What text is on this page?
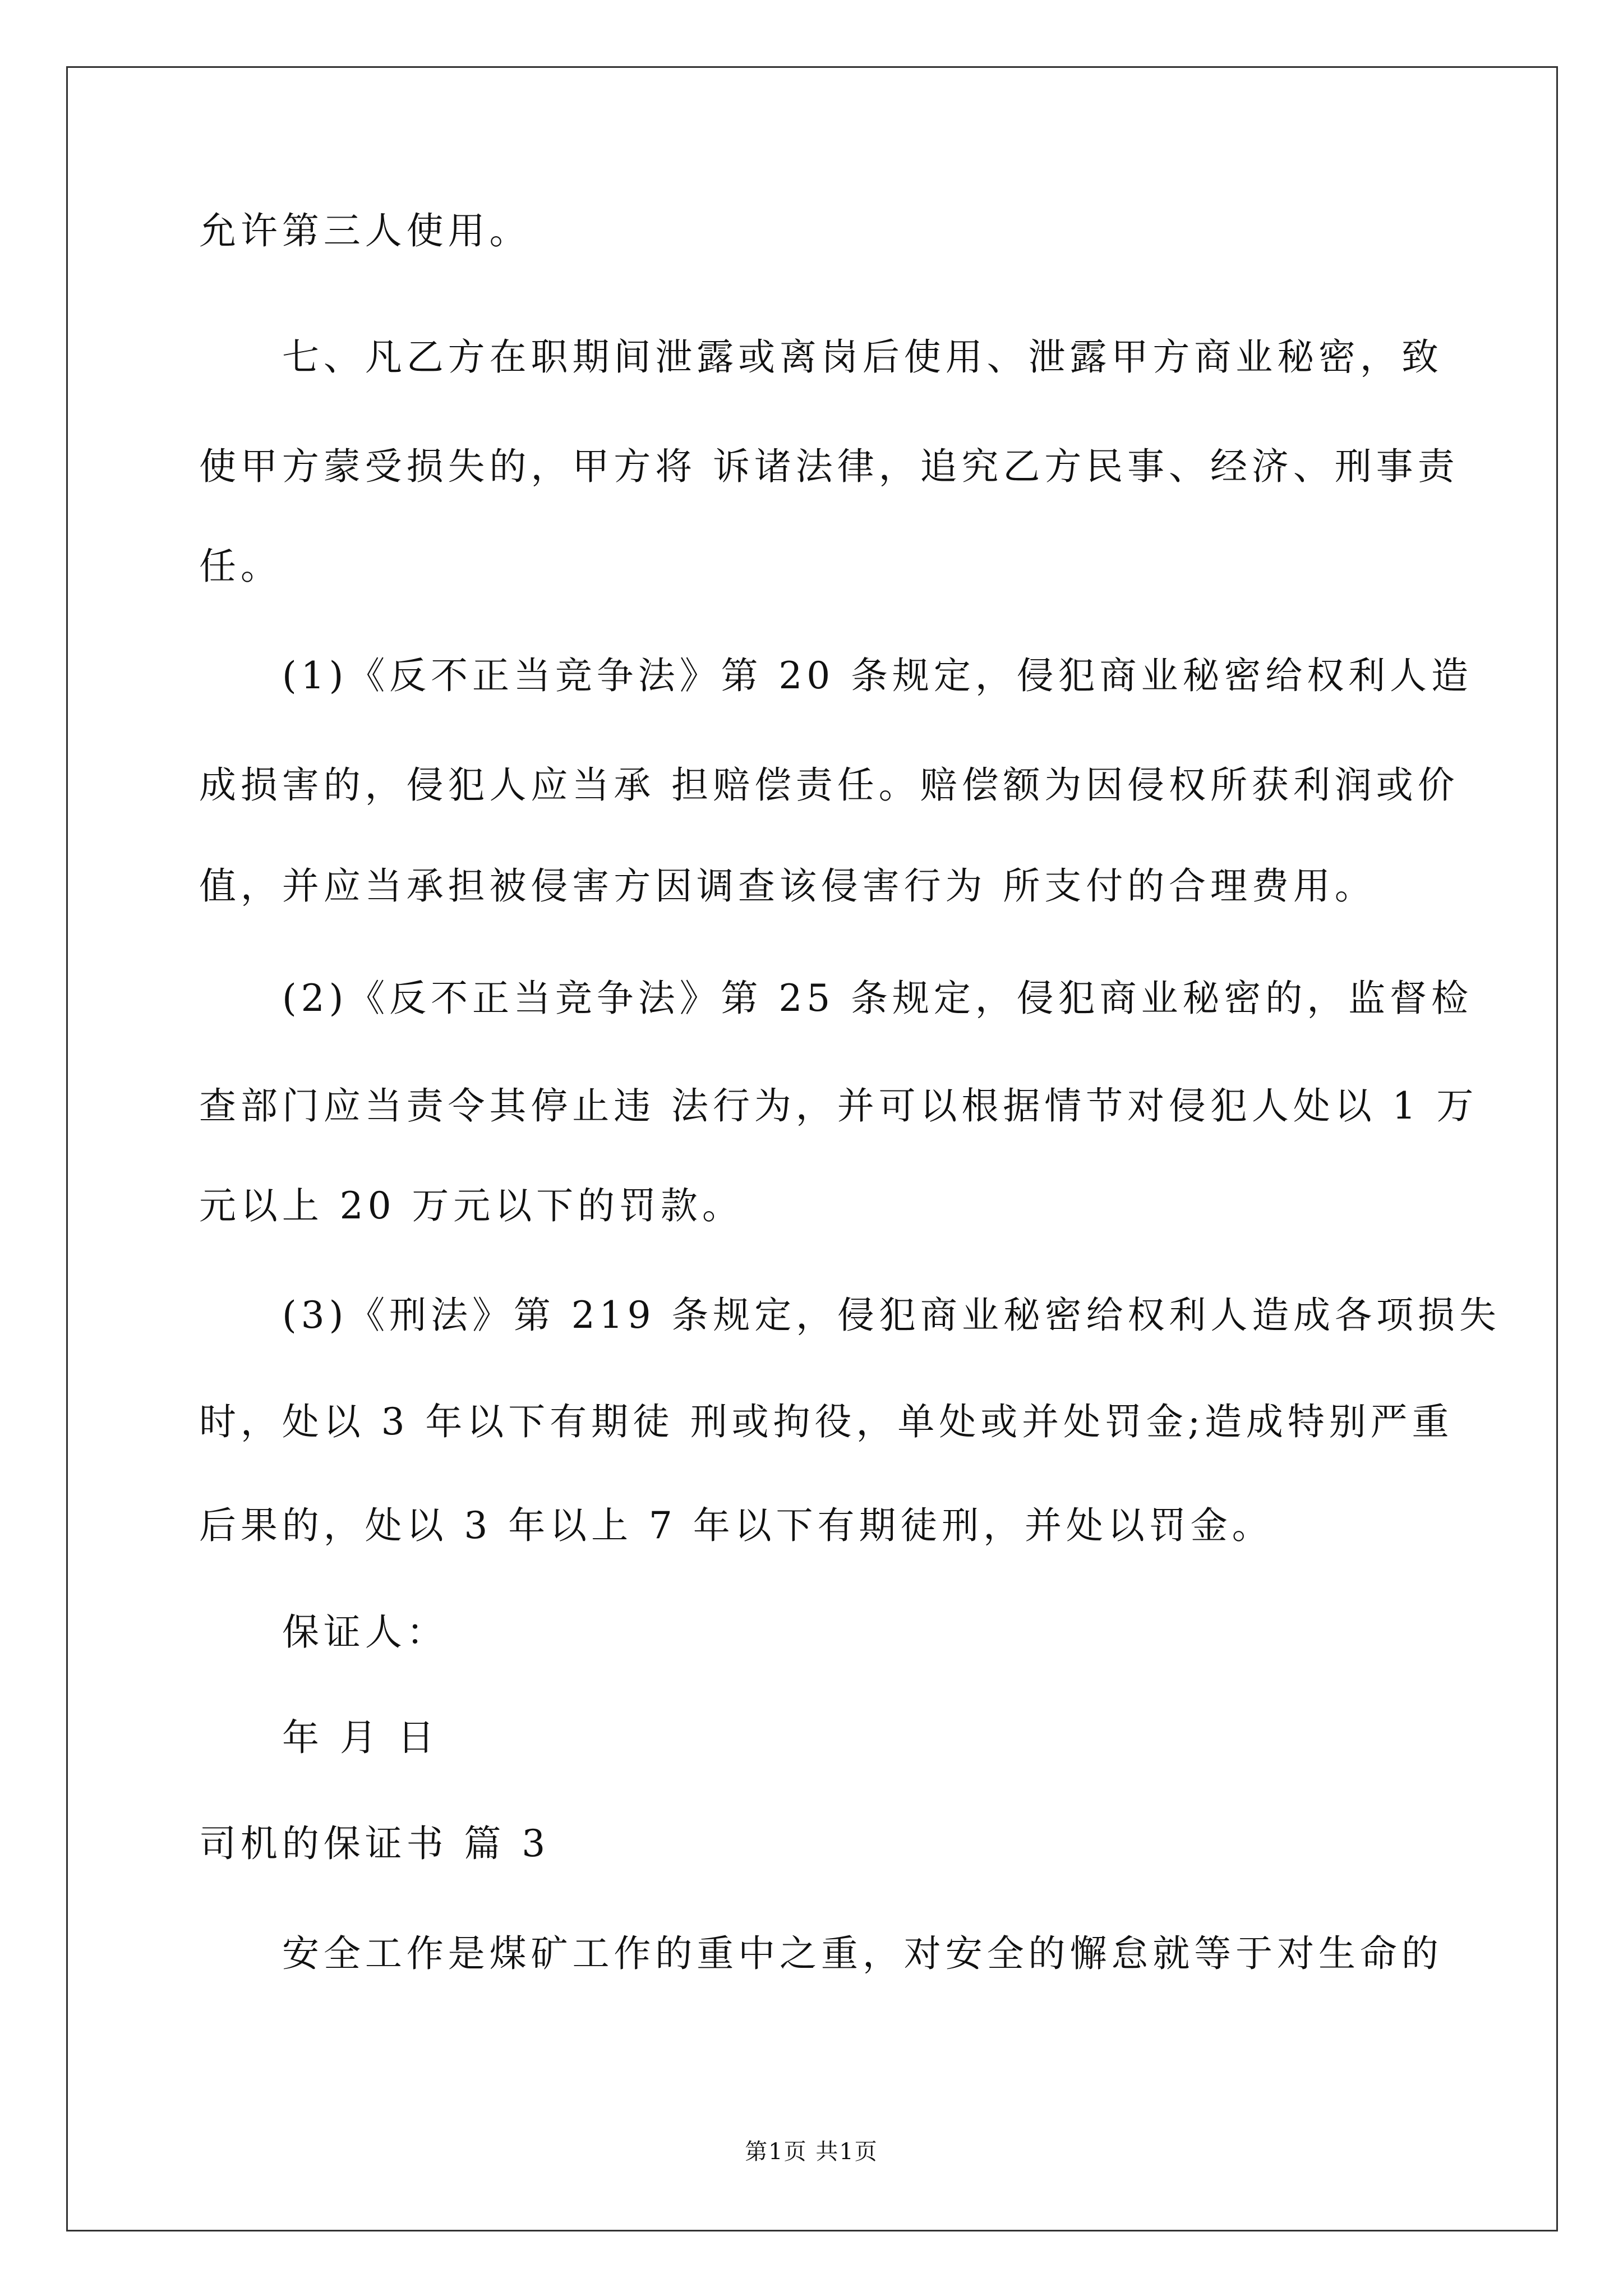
允许第三人使用。
七、凡乙方在职期间泄露或离岗后使用、泄露甲方商业秘密，致
使甲方蒙受损失的，甲方将 诉诸法律，追究乙方民事、经济、刑事责
任。
(1)《反不正当竞争法》第 20 条规定，侵犯商业秘密给权利人造
成损害的，侵犯人应当承 担赔偿责任。赔偿额为因侵权所获利润或价
值，并应当承担被侵害方因调查该侵害行为 所支付的合理费用。
(2)《反不正当竞争法》第 25 条规定，侵犯商业秘密的，监督检
查部门应当责令其停止违 法行为，并可以根据情节对侵犯人处以 1 万
元以上 20 万元以下的罚款。
(3)《刑法》第 219 条规定，侵犯商业秘密给权利人造成各项损失
时，处以 3 年以下有期徒 刑或拘役，单处或并处罚金;造成特别严重
后果的，处以 3 年以上 7 年以下有期徒刑，并处以罚金。
保证人：
年 月 日
司机的保证书 篇 3
安全工作是煤矿工作的重中之重，对安全的懈怠就等于对生命的
第1页 共1页
